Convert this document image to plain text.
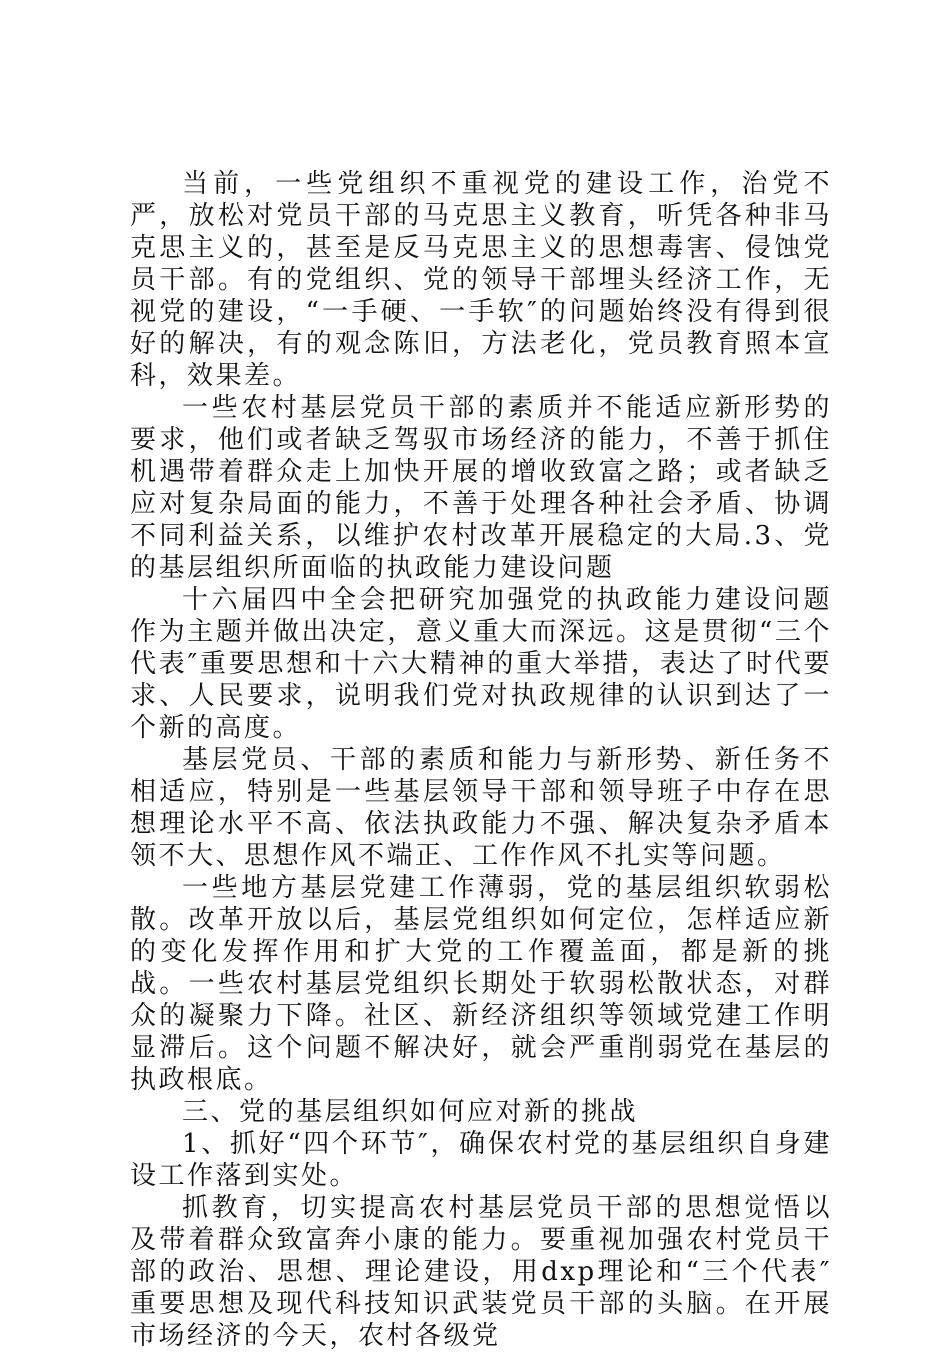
当前，一些党组织不重视党的建设工作，治党不严，放松对党员干部的马克思主义教育，听凭各种非马克思主义的，甚至是反马克思主义的思想毒害、侵蚀党员干部。有的党组织、党的领导干部埋头经济工作，无视党的建设，“一手硬、一手软″的问题始终没有得到很好的解决，有的观念陈旧，方法老化，党员教育照本宣科，效果差。

一些农村基层党员干部的素质并不能适应新形势的要求，他们或者缺乏驾驭市场经济的能力，不善于抓住机遇带着群众走上加快开展的增收致富之路；或者缺乏应对复杂局面的能力，不善于处理各种社会矛盾、协调不同利益关系，以维护农村改革开展稳定的大局.3、党的基层组织所面临的执政能力建设问题

十六届四中全会把研究加强党的执政能力建设问题作为主题并做出决定，意义重大而深远。这是贯彻“三个代表″重要思想和十六大精神的重大举措，表达了时代要求、人民要求，说明我们党对执政规律的认识到达了一个新的高度。

基层党员、干部的素质和能力与新形势、新任务不相适应，特别是一些基层领导干部和领导班子中存在思想理论水平不高、依法执政能力不强、解决复杂矛盾本领不大、思想作风不端正、工作作风不扎实等问题。

一些地方基层党建工作薄弱，党的基层组织软弱松散。改革开放以后，基层党组织如何定位，怎样适应新的变化发挥作用和扩大党的工作覆盖面，都是新的挑战。一些农村基层党组织长期处于软弱松散状态，对群众的凝聚力下降。社区、新经济组织等领域党建工作明显滞后。这个问题不解决好，就会严重削弱党在基层的执政根底。

三、党的基层组织如何应对新的挑战

1、抓好“四个环节″，确保农村党的基层组织自身建设工作落到实处。

抓教育，切实提高农村基层党员干部的思想觉悟以及带着群众致富奔小康的能力。要重视加强农村党员干部的政治、思想、理论建设，用dxp理论和“三个代表″重要思想及现代科技知识武装党员干部的头脑。在开展市场经济的今天，农村各级党
